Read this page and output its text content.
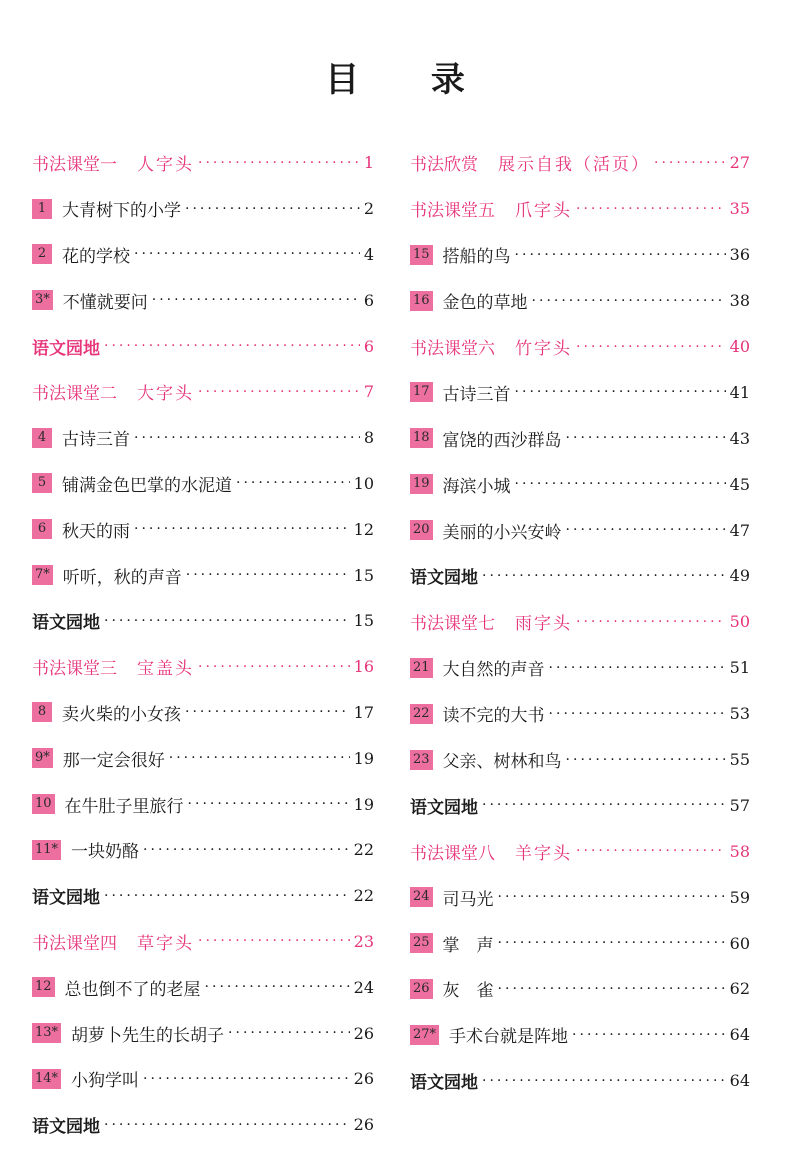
目 录
书法课堂一 人字头 ·····	1
1 大青树下的小学 ·····	2
2 花的学校 ·····	4
3* 不懂就要问 ·····	6
语文园地 ·····	6
书法课堂二 大字头 ·····	7
4 古诗三首 ·····	8
5 铺满金色巴掌的水泥道 ·····	10
6 秋天的雨 ·····	12
7* 听听，秋的声音 ·····	15
语文园地 ·····	15
书法课堂三 宝盖头 ·····	16
8 卖火柴的小女孩 ·····	17
9* 那一定会很好 ·····	19
10 在牛肚子里旅行 ·····	19
11* 一块奶酪 ·····	22
语文园地 ·····	22
书法课堂四 草字头 ·····	23
12 总也倒不了的老屋 ·····	24
13* 胡萝卜先生的长胡子 ·····	26
14* 小狗学叫 ·····	26
语文园地 ·····	26
书法欣赏 展示自我（活页） ·····	27
书法课堂五 爪字头 ·····	35
15 搭船的鸟 ·····	36
16 金色的草地 ·····	38
书法课堂六 竹字头 ·····	40
17 古诗三首 ·····	41
18 富饶的西沙群岛 ·····	43
19 海滨小城 ·····	45
20 美丽的小兴安岭 ·····	47
语文园地 ·····	49
书法课堂七 雨字头 ·····	50
21 大自然的声音 ·····	51
22 读不完的大书 ·····	53
23 父亲、树林和鸟 ·····	55
语文园地 ·····	57
书法课堂八 羊字头 ·····	58
24 司马光 ·····	59
25 掌　声 ·····	60
26 灰　雀 ·····	62
27* 手术台就是阵地 ·····	64
语文园地 ·····	64
